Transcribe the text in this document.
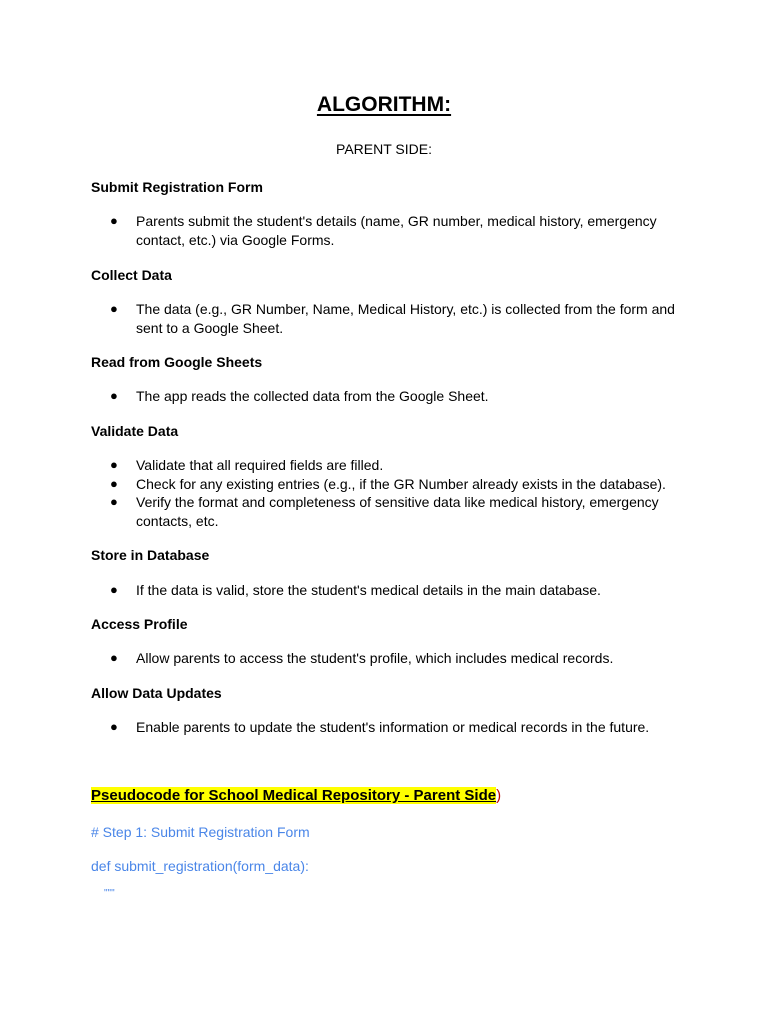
ALGORITHM:
PARENT SIDE:
Submit Registration Form
●	Parents submit the student's details (name, GR number, medical history, emergency
contact, etc.) via Google Forms.
Collect Data
●	The data (e.g., GR Number, Name, Medical History, etc.) is collected from the form and
sent to a Google Sheet.
Read from Google Sheets
●	The app reads the collected data from the Google Sheet.
Validate Data
●	Validate that all required fields are filled.
●	Check for any existing entries (e.g., if the GR Number already exists in the database).
●	Verify the format and completeness of sensitive data like medical history, emergency
contacts, etc.
Store in Database
●	If the data is valid, store the student's medical details in the main database.
Access Profile
●	Allow parents to access the student's profile, which includes medical records.
Allow Data Updates
●	Enable parents to update the student's information or medical records in the future.
Pseudocode for School Medical Repository - Parent Side)
# Step 1: Submit Registration Form
def submit_registration(form_data):
"""
